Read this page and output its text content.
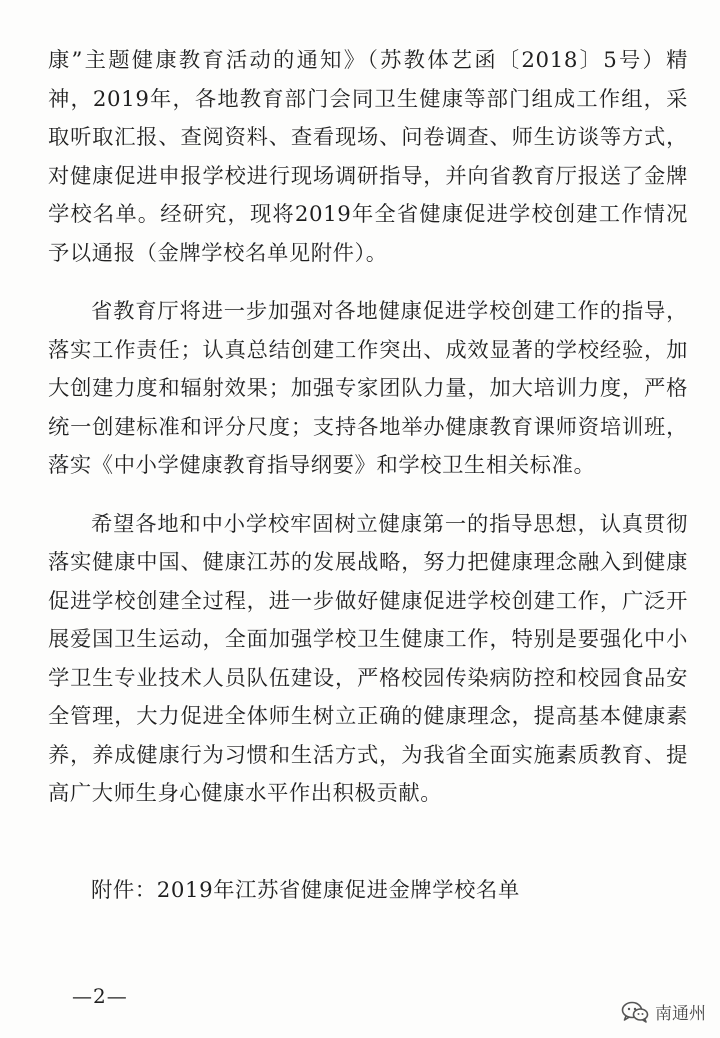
康”主题健康教育活动的通知》（苏教体艺函〔2018〕5号）精神，2019年，各地教育部门会同卫生健康等部门组成工作组，采取听取汇报、查阅资料、查看现场、问卷调查、师生访谈等方式，对健康促进申报学校进行现场调研指导，并向省教育厅报送了金牌学校名单。经研究，现将2019年全省健康促进学校创建工作情况予以通报（金牌学校名单见附件）。

省教育厅将进一步加强对各地健康促进学校创建工作的指导，落实工作责任；认真总结创建工作突出、成效显著的学校经验，加大创建力度和辐射效果；加强专家团队力量，加大培训力度，严格统一创建标准和评分尺度；支持各地举办健康教育课师资培训班，落实《中小学健康教育指导纲要》和学校卫生相关标准。

希望各地和中小学校牢固树立健康第一的指导思想，认真贯彻落实健康中国、健康江苏的发展战略，努力把健康理念融入到健康促进学校创建全过程，进一步做好健康促进学校创建工作，广泛开展爱国卫生运动，全面加强学校卫生健康工作，特别是要强化中小学卫生专业技术人员队伍建设，严格校园传染病防控和校园食品安全管理，大力促进全体师生树立正确的健康理念，提高基本健康素养，养成健康行为习惯和生活方式，为我省全面实施素质教育、提高广大师生身心健康水平作出积极贡献。

附件：2019年江苏省健康促进金牌学校名单

—2—

南通州
